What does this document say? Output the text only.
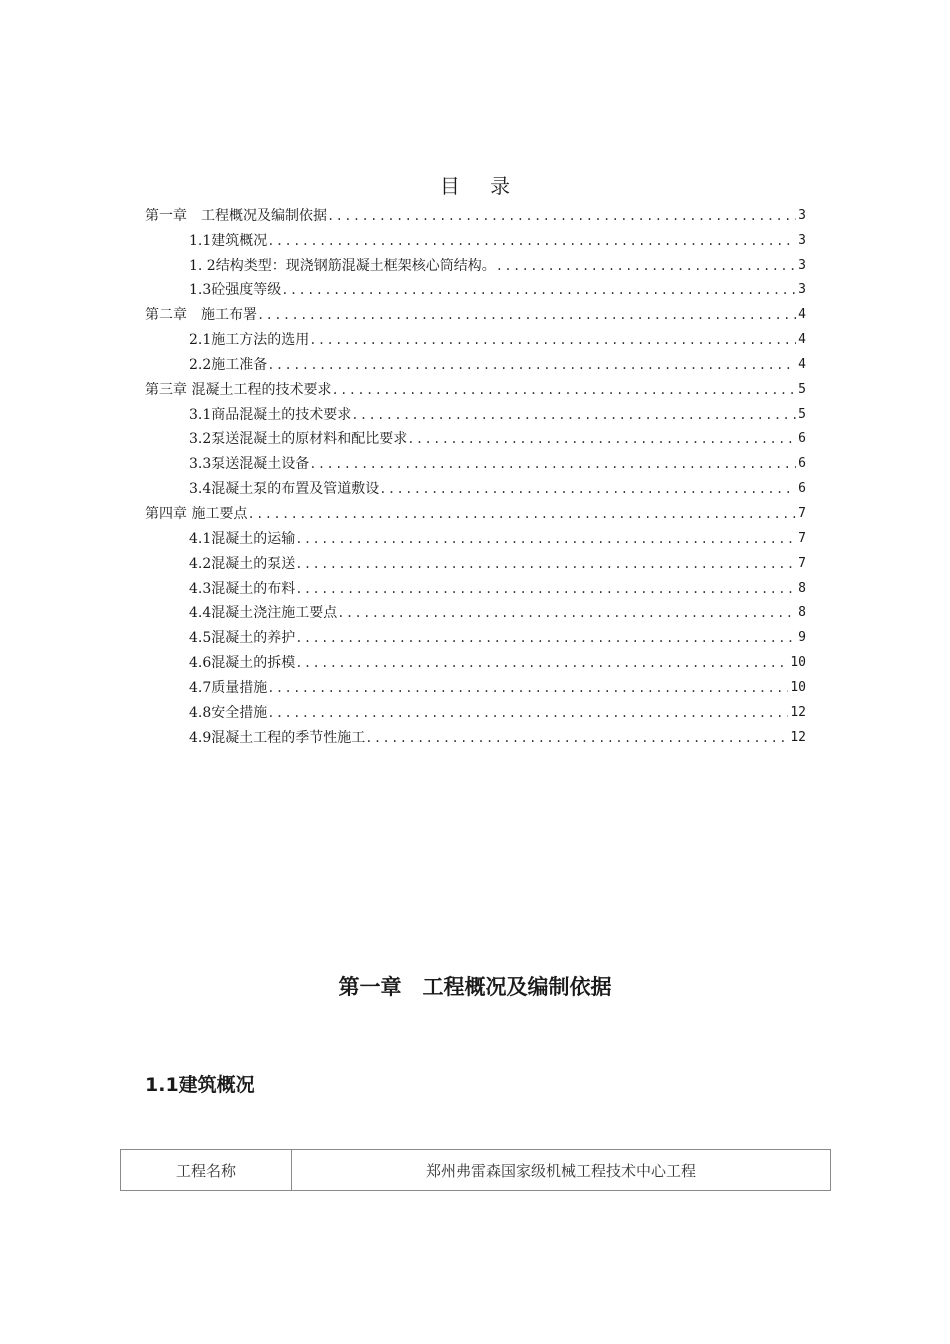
目 录
第一章　工程概况及编制依据 .....	3
1.1建筑概况 .....	3
1. 2结构类型：现浇钢筋混凝土框架核心筒结构。 .....	3
1.3砼强度等级 .....	3
第二章　施工布署 .....	4
2.1施工方法的选用 .....	4
2.2施工准备 .....	4
第三章 混凝土工程的技术要求 .....	5
3.1商品混凝土的技术要求 .....	5
3.2泵送混凝土的原材料和配比要求 .....	6
3.3泵送混凝土设备 .....	6
3.4混凝土泵的布置及管道敷设 .....	6
第四章 施工要点 .....	7
4.1混凝土的运输 .....	7
4.2混凝土的泵送 .....	7
4.3混凝土的布料 .....	8
4.4混凝土浇注施工要点 .....	8
4.5混凝土的养护 .....	9
4.6混凝土的拆模 .....	10
4.7质量措施 .....	10
4.8安全措施 .....	12
4.9混凝土工程的季节性施工 .....	12
第一章　工程概况及编制依据
1.1建筑概况
工程名称	郑州弗雷森国家级机械工程技术中心工程
